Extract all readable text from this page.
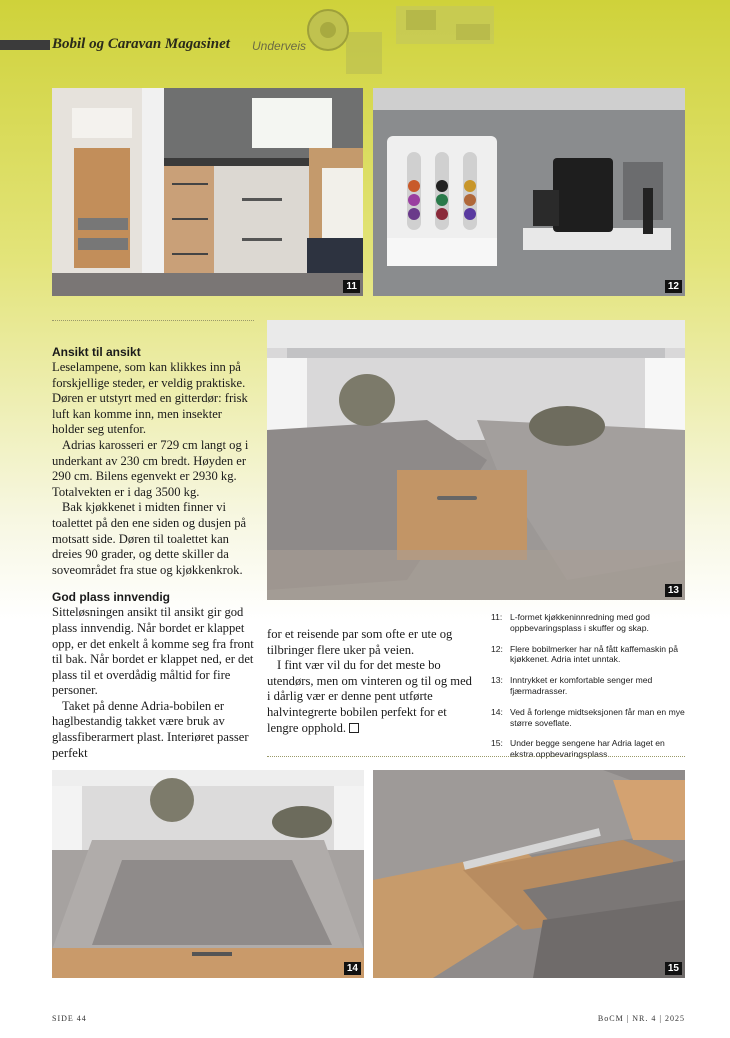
Bobil og Caravan Magasinet Underveis
11	12
Ansikt til ansikt

Leselampene, som kan klikkes inn på forskjellige steder, er veldig praktiske. Døren er utstyrt med en gitterdør: frisk luft kan komme inn, men insekter holder seg utenfor.

Adrias karosseri er 729 cm langt og i underkant av 230 cm bredt. Høyden er 290 cm. Bilens egenvekt er 2930 kg. Totalvekten er i dag 3500 kg.

Bak kjøkkenet i midten finner vi toalettet på den ene siden og dusjen på motsatt side. Døren til toalettet kan dreies 90 grader, og dette skiller da soveområdet fra stue og kjøkkenkrok.

God plass innvendig

Sitteløsningen ansikt til ansikt gir god plass innvendig. Når bordet er klappet opp, er det enkelt å komme seg fra front til bak. Når bordet er klappet ned, er det plass til et overdådig måltid for fire personer.

Taket på denne Adria-bobilen er haglbestandig takket være bruk av glassfiberarmert plast. Interiøret passer perfekt

13

for et reisende par som ofte er ute og tilbringer flere uker på veien.

I fint vær vil du for det meste bo utendørs, men om vinteren og til og med i dårlig vær er denne pent utførte halvintegrerte bobilen perfekt for et lengre opphold.

11: L-formet kjøkkeninnredning med god oppbevaringsplass i skuffer og skap.
12: Flere bobilmerker har nå fått kaffemaskin på kjøkkenet. Adria intet unntak.
13: Inntrykket er komfortable senger med fjærmadrasser.
14: Ved å forlenge midtseksjonen får man en mye større soveflate.
15: Under begge sengene har Adria laget en ekstra oppbevaringsplass.
14	15
SIDE 44	BoCM | NR. 4 | 2025
